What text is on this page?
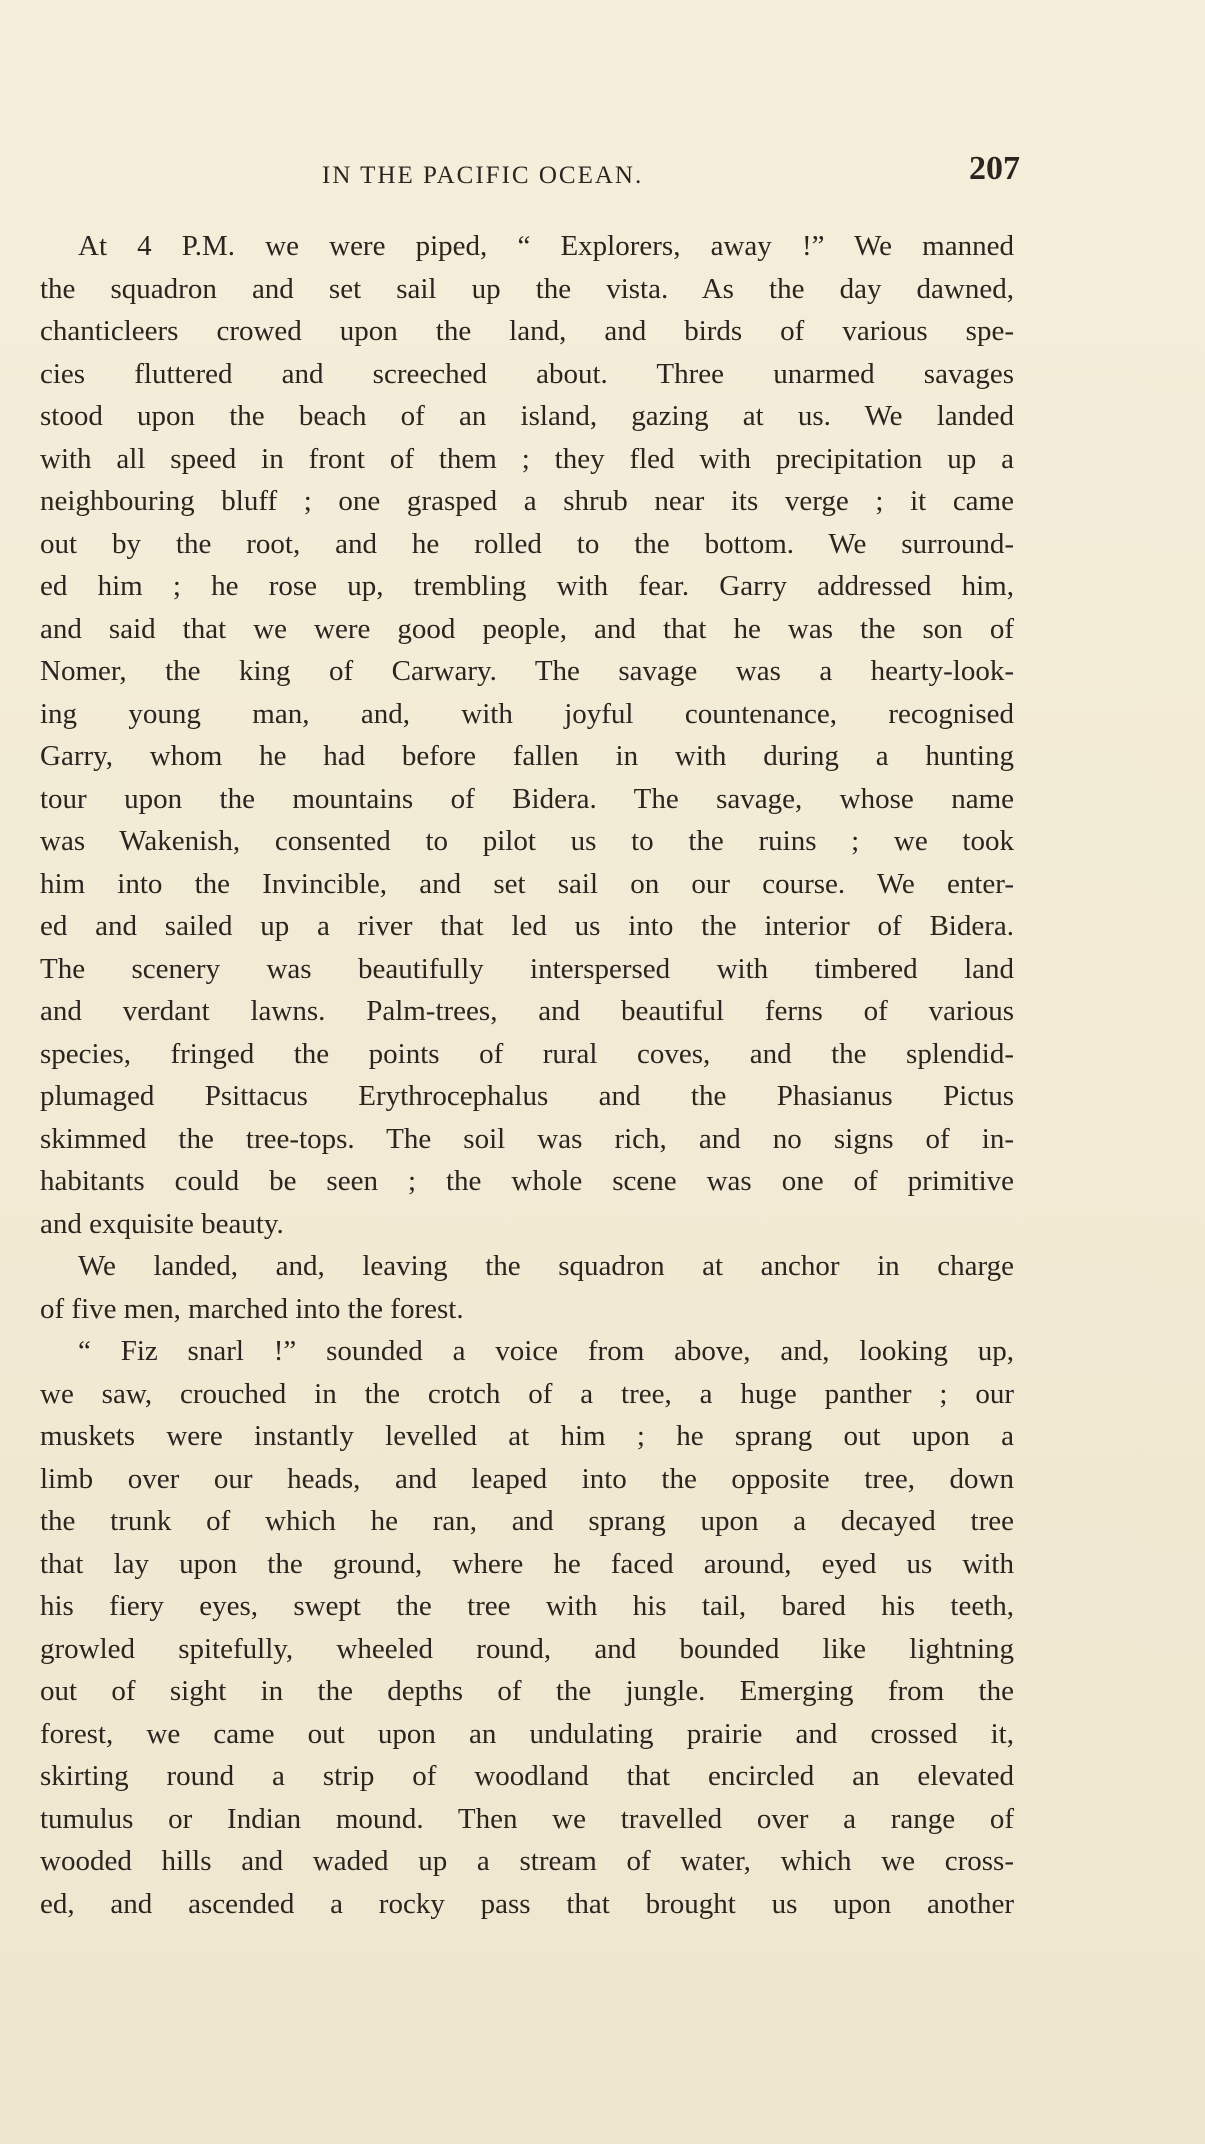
IN THE PACIFIC OCEAN.	207
At 4 P.M. we were piped, “ Explorers, away !” We manned
the squadron and set sail up the vista. As the day dawned,
chanticleers crowed upon the land, and birds of various spe-
cies fluttered and screeched about. Three unarmed savages
stood upon the beach of an island, gazing at us. We landed
with all speed in front of them ; they fled with precipitation up a
neighbouring bluff ; one grasped a shrub near its verge ; it came
out by the root, and he rolled to the bottom. We surround-
ed him ; he rose up, trembling with fear. Garry addressed him,
and said that we were good people, and that he was the son of
Nomer, the king of Carwary. The savage was a hearty-look-
ing young man, and, with joyful countenance, recognised
Garry, whom he had before fallen in with during a hunting
tour upon the mountains of Bidera. The savage, whose name
was Wakenish, consented to pilot us to the ruins ; we took
him into the Invincible, and set sail on our course. We enter-
ed and sailed up a river that led us into the interior of Bidera.
The scenery was beautifully interspersed with timbered land
and verdant lawns. Palm-trees, and beautiful ferns of various
species, fringed the points of rural coves, and the splendid-
plumaged Psittacus Erythrocephalus and the Phasianus Pictus
skimmed the tree-tops. The soil was rich, and no signs of in-
habitants could be seen ; the whole scene was one of primitive
and exquisite beauty.
We landed, and, leaving the squadron at anchor in charge
of five men, marched into the forest.
“ Fiz snarl !” sounded a voice from above, and, looking up,
we saw, crouched in the crotch of a tree, a huge panther ; our
muskets were instantly levelled at him ; he sprang out upon a
limb over our heads, and leaped into the opposite tree, down
the trunk of which he ran, and sprang upon a decayed tree
that lay upon the ground, where he faced around, eyed us with
his fiery eyes, swept the tree with his tail, bared his teeth,
growled spitefully, wheeled round, and bounded like lightning
out of sight in the depths of the jungle. Emerging from the
forest, we came out upon an undulating prairie and crossed it,
skirting round a strip of woodland that encircled an elevated
tumulus or Indian mound. Then we travelled over a range of
wooded hills and waded up a stream of water, which we cross-
ed, and ascended a rocky pass that brought us upon another
